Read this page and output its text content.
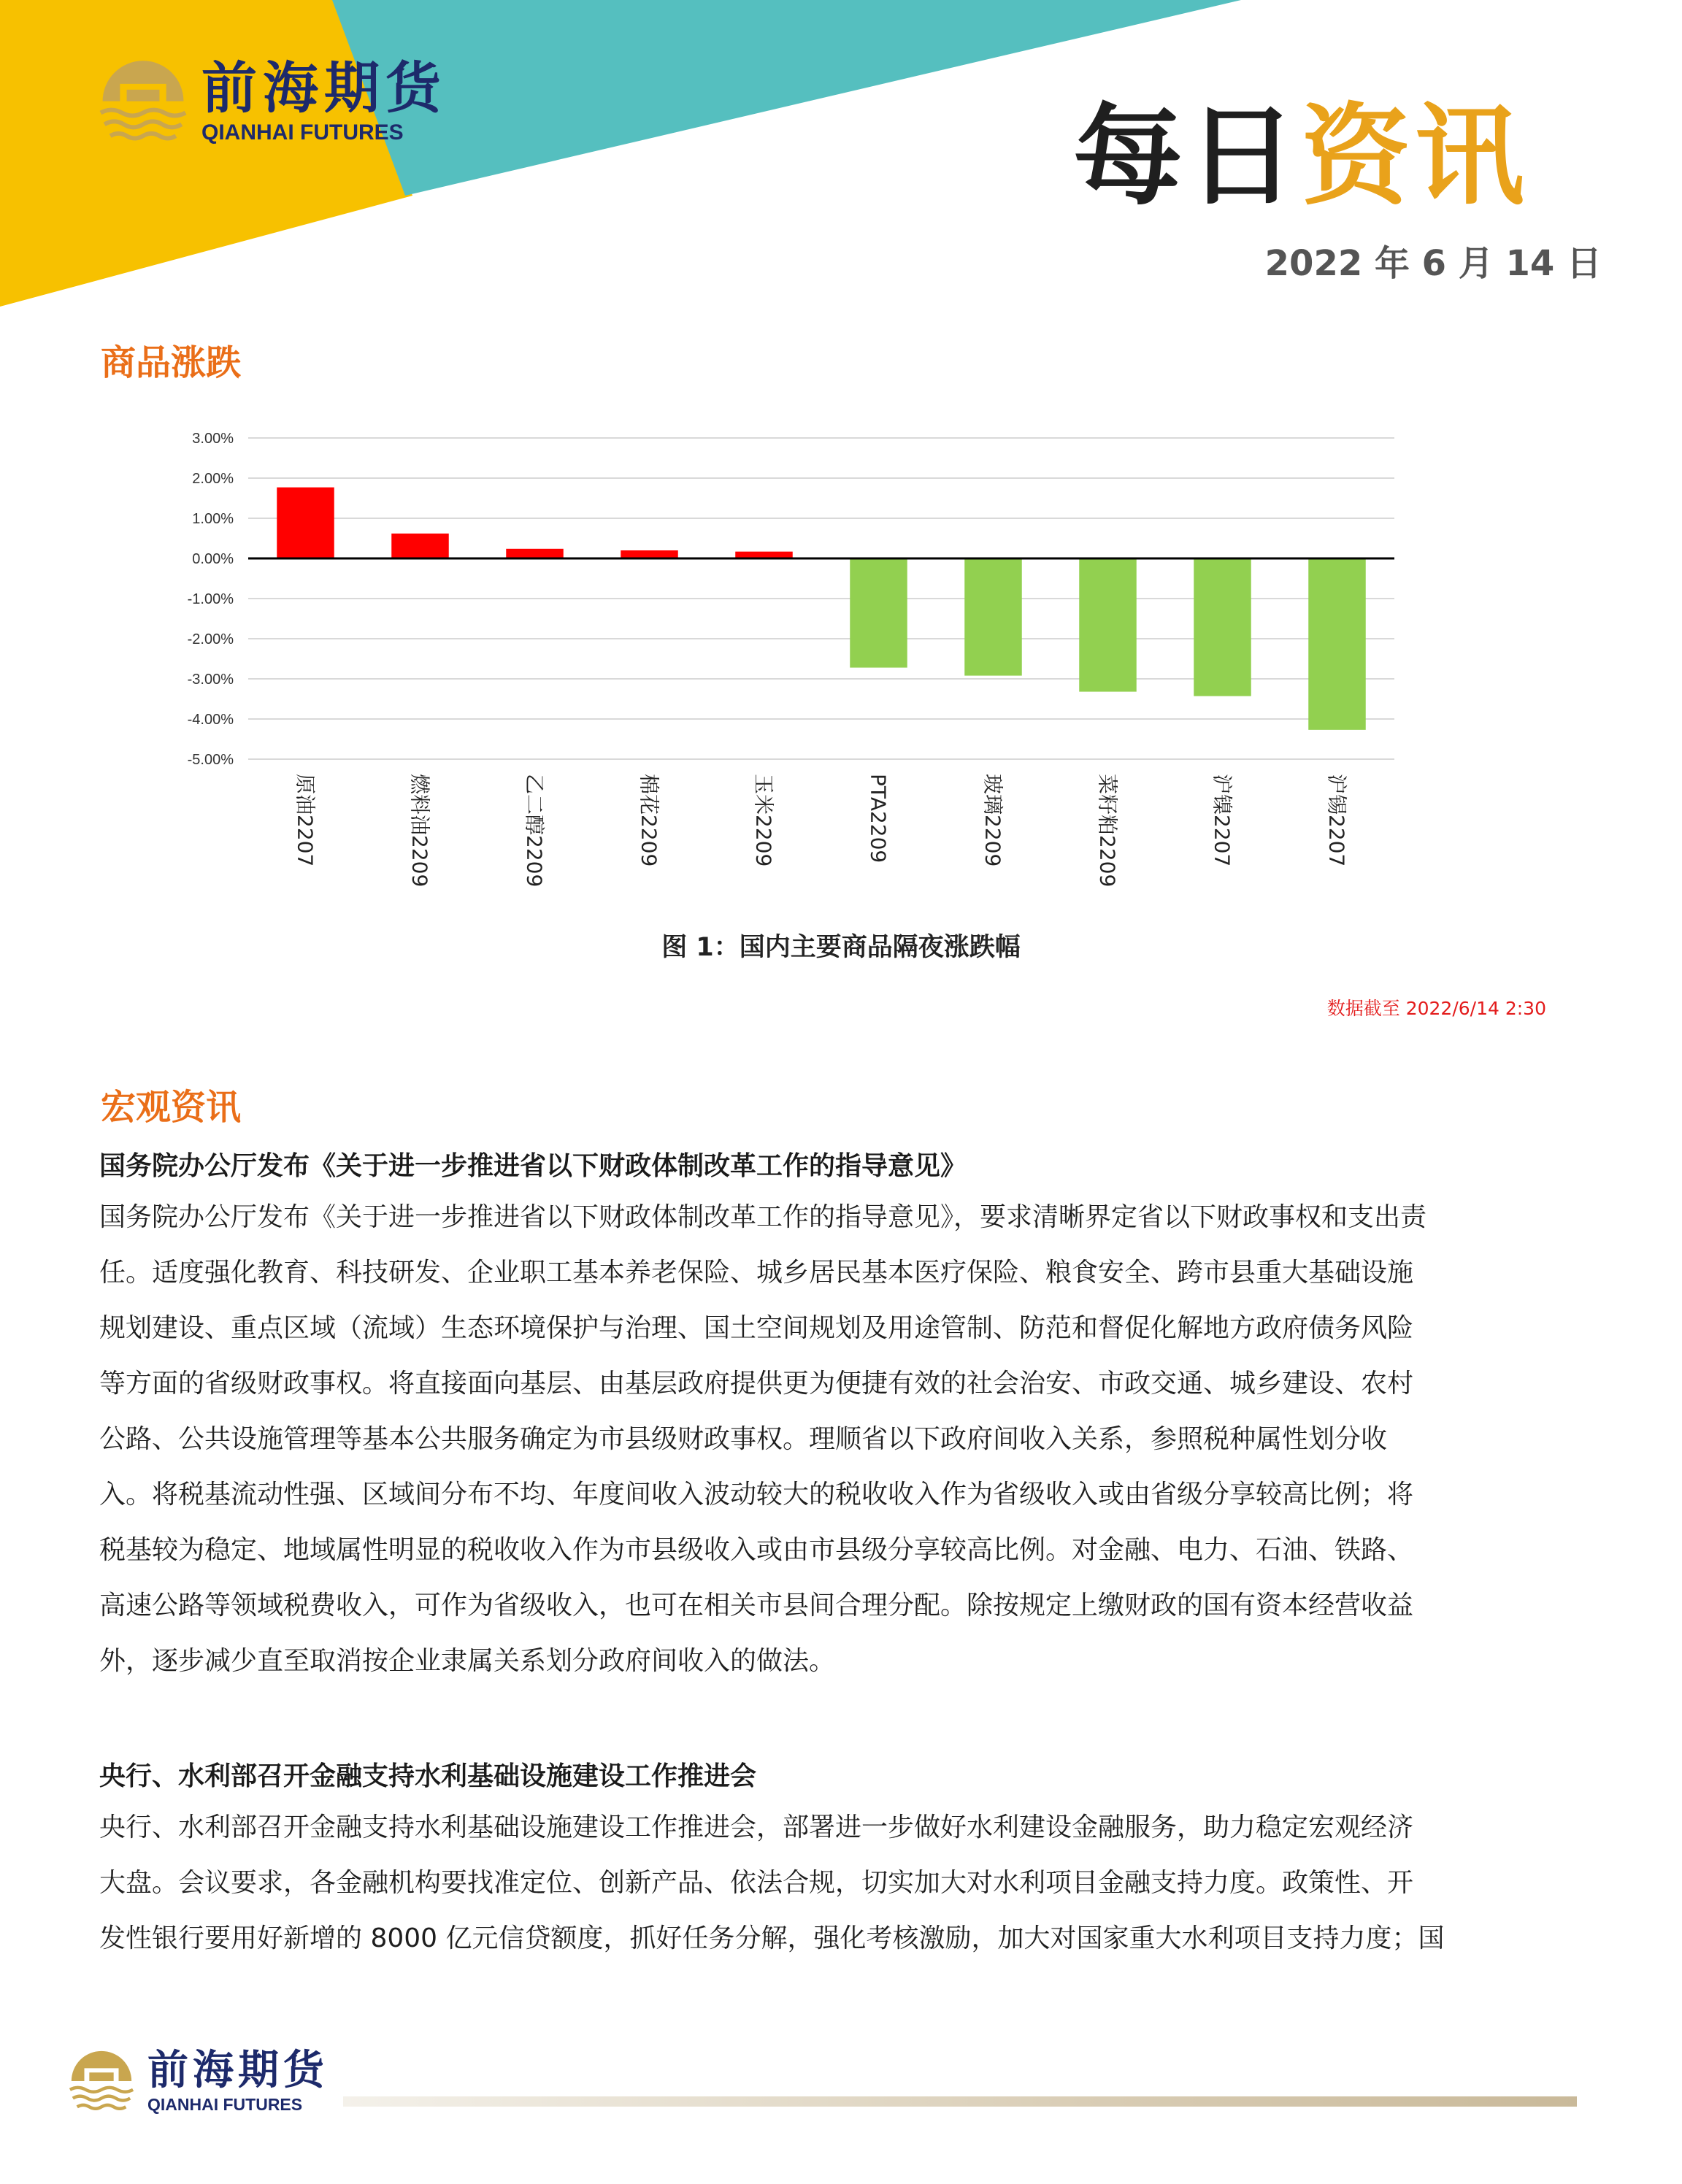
前海期货
QIANHAI FUTURES	每日资讯
2022 年 6 月 14 日
商品涨跌
3.00%
2.00%
1.00%
0.00%
-1.00%
-2.00%
-3.00%
-4.00%
-5.00%
原油2207	燃料油2209	乙二醇2209	棉花2209	玉米2209	PTA2209	玻璃2209	菜籽粕2209	沪镍2207	沪锡2207
图 1：国内主要商品隔夜涨跌幅
数据截至 2022/6/14 2:30
宏观资讯
国务院办公厅发布《关于进一步推进省以下财政体制改革工作的指导意见》

国务院办公厅发布《关于进一步推进省以下财政体制改革工作的指导意见》，要求清晰界定省以下财政事权和支出责
任。适度强化教育、科技研发、企业职工基本养老保险、城乡居民基本医疗保险、粮食安全、跨市县重大基础设施
规划建设、重点区域（流域）生态环境保护与治理、国土空间规划及用途管制、防范和督促化解地方政府债务风险
等方面的省级财政事权。将直接面向基层、由基层政府提供更为便捷有效的社会治安、市政交通、城乡建设、农村
公路、公共设施管理等基本公共服务确定为市县级财政事权。理顺省以下政府间收入关系，参照税种属性划分收
入。将税基流动性强、区域间分布不均、年度间收入波动较大的税收收入作为省级收入或由省级分享较高比例；将
税基较为稳定、地域属性明显的税收收入作为市县级收入或由市县级分享较高比例。对金融、电力、石油、铁路、
高速公路等领域税费收入，可作为省级收入，也可在相关市县间合理分配。除按规定上缴财政的国有资本经营收益
外，逐步减少直至取消按企业隶属关系划分政府间收入的做法。

央行、水利部召开金融支持水利基础设施建设工作推进会

央行、水利部召开金融支持水利基础设施建设工作推进会，部署进一步做好水利建设金融服务，助力稳定宏观经济
大盘。会议要求，各金融机构要找准定位、创新产品、依法合规，切实加大对水利项目金融支持力度。政策性、开
发性银行要用好新增的 8000 亿元信贷额度，抓好任务分解，强化考核激励，加大对国家重大水利项目支持力度；国

前海期货
QIANHAI FUTURES
